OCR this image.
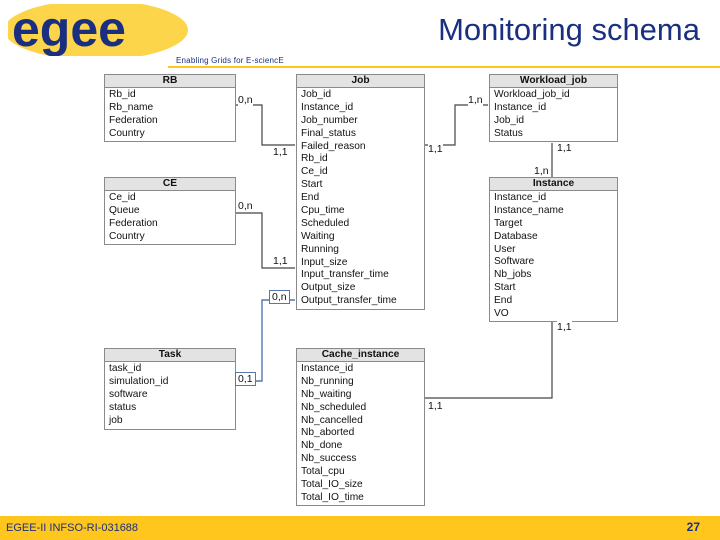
egee
Enabling Grids for E-sciencE
Monitoring schema
RB
Rb_id
Rb_name
Federation
Country
CE
Ce_id
Queue
Federation
Country
Task
task_id
simulation_id
software
status
job
Job
Job_id
Instance_id
Job_number
Final_status
Failed_reason
Rb_id
Ce_id
Start
End
Cpu_time
Scheduled
Waiting
Running
Input_size
Input_transfer_time
Output_size
Output_transfer_time
Cache_instance
Instance_id
Nb_running
Nb_waiting
Nb_scheduled
Nb_cancelled
Nb_aborted
Nb_done
Nb_success
Total_cpu
Total_IO_size
Total_IO_time
Workload_job
Workload_job_id
Instance_id
Job_id
Status
Instance
Instance_id
Instance_name
Target
Database
User
Software
Nb_jobs
Start
End
VO
0,n
1,1
0,n
1,1
0,1
0,n
1,n
1,1	1,1
1,n
1,1
1,1
EGEE-II INFSO-RI-031688	27
